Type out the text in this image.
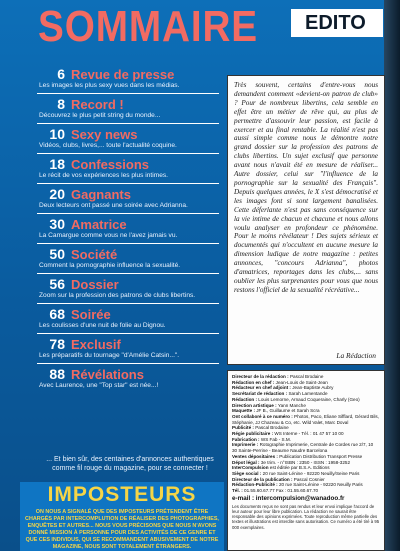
SOMMAIRE	EDITO
6 Revue de presse
Les images les plus sexy vues dans les médias.
8 Record !
Découvrez le plus petit string du monde...
10 Sexy news
Vidéos, clubs, livres,... toute l'actualité coquine.
18 Confessions
Le récit de vos expériences les plus intimes.
20 Gagnants
Deux lecteurs ont passé une soirée avec Adrianna.
30 Amatrice
La Camargue comme vous ne l'avez jamais vu.
50 Société
Comment la pornographie influence la sexualité.
56 Dossier
Zoom sur la profession des patrons de clubs libertins.
68 Soirée
Les coulisses d'une nuit de folie au Dignou.
78 Exclusif
Les préparatifs du tournage "d'Amélie Catsin...".
88 Révélations
Avec Laurence, une "Top star" est née...!
... Et bien sûr, des centaines d'annonces authentiques comme fil rouge du magazine, pour se connecter !
IMPOSTEURS
ON NOUS A SIGNALÉ QUE DES IMPOSTEURS PRÉTENDENT ÊTRE CHARGÉS PAR INTERCOMPLUTION DE RÉALISER DES PHOTOGRAPHIES, ENQUÊTES ET AUTRES... NOUS VOUS PRÉCISONS QUE NOUS N'AVONS DONNÉ MISSION À PERSONNE POUR DES ACTIVITÉS DE CE GENRE ET QUE CES INDIVIDUS, QUI SE RECOMMANDENT ABUSIVEMENT DE NOTRE MAGAZINE, NOUS SONT TOTALEMENT ÉTRANGERS.
Très souvent, certains d'entre-vous nous demandent comment «devient-on patron de club» ? Pour de nombreux libertins, cela semble en effet être un métier de rêve qui, au plus de permettre d'assouvir leur passion, est facile à exercer et au final rentable. La réalité n'est pas aussi simple comme nous le démontre notre grand dossier sur la profession des patrons de clubs libertins. Un sujet exclusif que personne avant nous n'avait été en mesure de réaliser... Autre dossier, celui sur "l'influence de la pornographie sur la sexualité des Français". Depuis quelques années, le X s'est démocratisé et les images font si sont largement banalisées. Cette déferlante n'est pas sans conséquence sur la vie intime de chacun et chacune et nous allons voulu analyser en profondeur ce phénomène. Pour le moins révélateur ! Des sujets sérieux et documentés qui n'occultent en aucune mesure la dimension ludique de notre magazine : petites annonces, "concours Adrianna", photos d'amatrices, reportages dans les clubs,... sans oublier les plus surprenantes pour vous que nous restons l'officiel de la sexualité récréative...
La Rédaction
Directeur de la rédaction : Pascal Brodaine
Rédaction en chef : Jean-Louis de Saint-Jean
Rédacteur en chef adjoint : Jean-Baptiste Aubry
Secrétariat de rédaction : Sarah Lamentande
Rédaction : Louis Lemorne, Arnaud Coqueraine, Charly (Geo)
Direction artistique : Yann Manche
Maquette : JF B., Guillaume et Sarah Scra
Ont collaboré à ce numéro : Photos, Paco, Eliane Sifflard, Gérard Bils,
Stéphanie, JJ Chazeau & Co, etc. Wild Valet, Marc Doval
Publicité : Pascal Brodaine
Régie publicitaire : WS Interne - Tél. : 01 47 57 10 00
Fabrication : WS Fab - S.M.
Imprimerie : Rotographie Imprimerie, Centrale de Cordes rue 2/7, 10
30 Sainte-Perrine - Beaume Naudre Barcelona
Ventes dépositaires : Publication Distribution Transport Presse
Dépot légal : 3e trim. - n°ISBN : 2350 - ISSN : 1958-3252
InterCompulsion est éditée par B.S.A. Editions
Siège social : 20 rue Saint-Lénine - 92220 Neuilly/Seine Paris
Directeur de la publication : Pascal Cosnier
Rédaction-Publicité : 20 rue Saint-Lénine - 92220 Neuilly Paris
Tél. : 01.55.60.67.77 Fax : 01.55.60.67.70
e-mail : intercompulsion@wanadoo.fr
Les documents reçus ne sont pas rendus et leur envoi implique l'accord de leur auteur pour leur libre publication. La rédaction ne saurait être responsable des opinions exprimées. Toute reproduction même partielle des textes et illustrations est interdite sans autorisation. Ce numéro a été tiré à 95 000 exemplaires.
